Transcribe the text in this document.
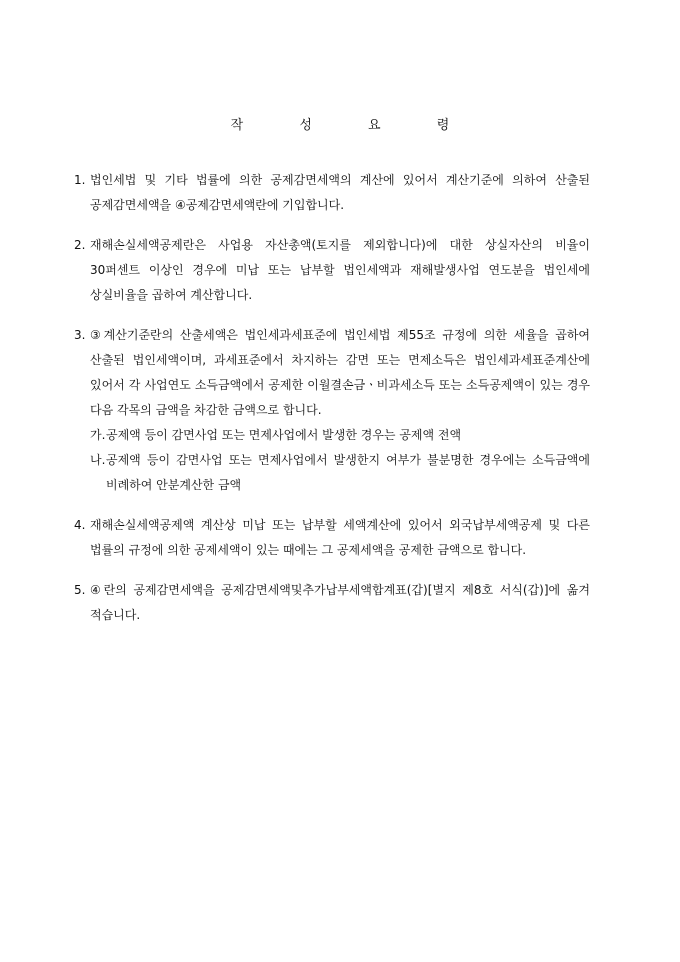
작 성 요 령
1. 법인세법 및 기타 법률에 의한 공제감면세액의 계산에 있어서 계산기준에 의하여 산출된 공제감면세액을 ④공제감면세액란에 기입합니다.
2. 재해손실세액공제란은 사업용 자산총액(토지를 제외합니다)에 대한 상실자산의 비율이 30퍼센트 이상인 경우에 미납 또는 납부할 법인세액과 재해발생사업 연도분을 법인세에 상실비율을 곱하여 계산합니다.
3. ③계산기준란의 산출세액은 법인세과세표준에 법인세법 제55조 규정에 의한 세율을 곱하여 산출된 법인세액이며, 과세표준에서 차지하는 감면 또는 면제소득은 법인세과세표준계산에 있어서 각 사업연도 소득금액에서 공제한 이월결손금ㆍ비과세소득 또는 소득공제액이 있는 경우 다음 각목의 금액을 차감한 금액으로 합니다.
가. 공제액 등이 감면사업 또는 면제사업에서 발생한 경우는 공제액 전액
나. 공제액 등이 감면사업 또는 면제사업에서 발생한지 여부가 불분명한 경우에는 소득금액에 비례하여 안분계산한 금액
4. 재해손실세액공제액 계산상 미납 또는 납부할 세액계산에 있어서 외국납부세액공제 및 다른 법률의 규정에 의한 공제세액이 있는 때에는 그 공제세액을 공제한 금액으로 합니다.
5. ④란의 공제감면세액을 공제감면세액및추가납부세액합계표(갑)[별지 제8호 서식(갑)]에 옮겨 적습니다.
